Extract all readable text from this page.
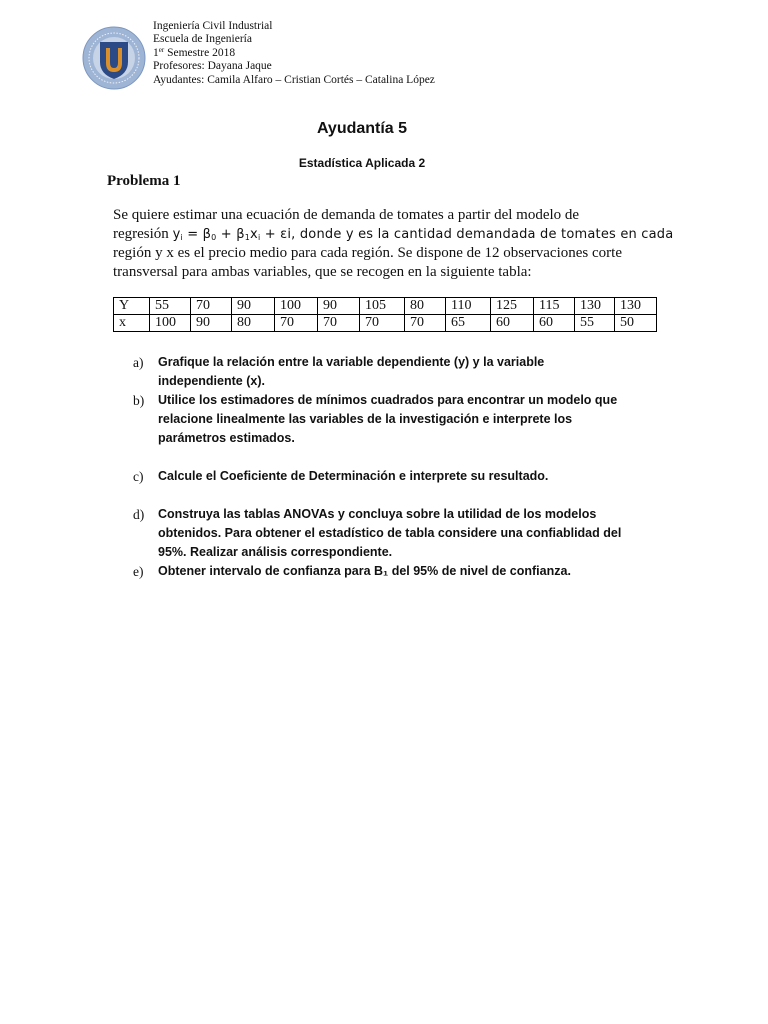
U
Ingeniería Civil Industrial
Escuela de Ingeniería
1er Semestre 2018
Profesores: Dayana Jaque
Ayudantes: Camila Alfaro – Cristian Cortés – Catalina López
Ayudantía 5
Estadística Aplicada 2
Problema 1
Se quiere estimar una ecuación de demanda de tomates a partir del modelo de
regresión $y_i = \beta_0 + \beta_1x_i + \varepsilon i$, donde y es la cantidad demandada de tomates en cada
región y x es el precio medio para cada región. Se dispone de 12 observaciones corte
transversal para ambas variables, que se recogen en la siguiente tabla:
Y	55	70	90	100	90	105	80	110	125	115	130	130
x	100	90	80	70	70	70	70	65	60	60	55	50
a) Grafique la relación entre la variable dependiente (y) y la variable
independiente (x).
b) Utilice los estimadores de mínimos cuadrados para encontrar un modelo que
relacione linealmente las variables de la investigación e interprete los
parámetros estimados.
c) Calcule el Coeficiente de Determinación e interprete su resultado.
d) Construya las tablas ANOVAs y concluya sobre la utilidad de los modelos
obtenidos. Para obtener el estadístico de tabla considere una confiablidad del
95%. Realizar análisis correspondiente.
e) Obtener intervalo de confianza para B₁ del 95% de nivel de confianza.
